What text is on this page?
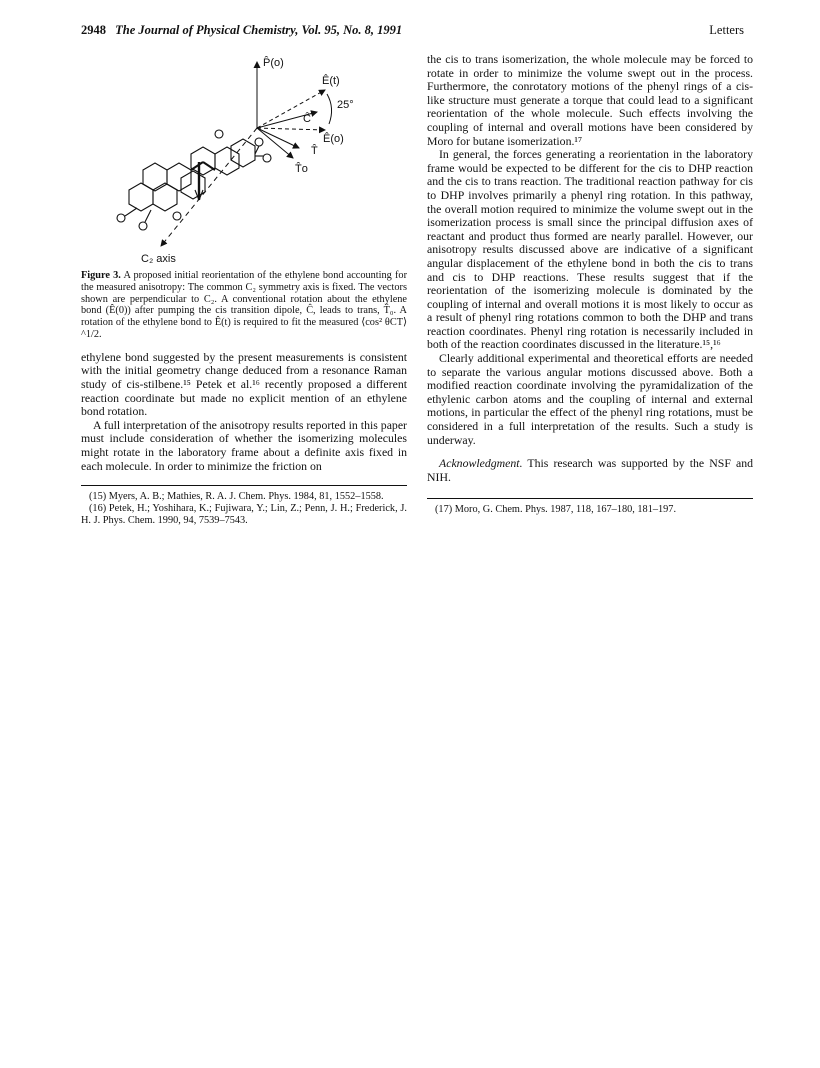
2948 The Journal of Physical Chemistry, Vol. 95, No. 8, 1991	Letters
P̂(o)
Ê(t)
25°
Ĉ
T̂
Ê(o)
T̂o
C₂ axis
Figure 3. A proposed initial reorientation of the ethylene bond accounting for the measured anisotropy: The common C₂ symmetry axis is fixed. The vectors shown are perpendicular to C₂. A conventional rotation about the ethylene bond (Ê(0)) after pumping the cis transition dipole, Ĉ, leads to trans, T̂₀. A rotation of the ethylene bond to Ê(t) is required to fit the measured ⟨cos² θCT⟩^1/2.

ethylene bond suggested by the present measurements is consistent with the initial geometry change deduced from a resonance Raman study of cis-stilbene.¹⁵ Petek et al.¹⁶ recently proposed a different reaction coordinate but made no explicit mention of an ethylene bond rotation.

A full interpretation of the anisotropy results reported in this paper must include consideration of whether the isomerizing molecules might rotate in the laboratory frame about a definite axis fixed in each molecule. In order to minimize the friction on

(15) Myers, A. B.; Mathies, R. A. J. Chem. Phys. 1984, 81, 1552–1558.
(16) Petek, H.; Yoshihara, K.; Fujiwara, Y.; Lin, Z.; Penn, J. H.; Frederick, J. H. J. Phys. Chem. 1990, 94, 7539–7543.

the cis to trans isomerization, the whole molecule may be forced to rotate in order to minimize the volume swept out in the process. Furthermore, the conrotatory motions of the phenyl rings of a cis-like structure must generate a torque that could lead to a significant reorientation of the whole molecule. Such effects involving the coupling of internal and overall motions have been considered by Moro for butane isomerization.¹⁷

In general, the forces generating a reorientation in the laboratory frame would be expected to be different for the cis to DHP reaction and the cis to trans reaction. The traditional reaction pathway for cis to DHP involves primarily a phenyl ring rotation. In this pathway, the overall motion required to minimize the volume swept out in the isomerization process is small since the principal diffusion axes of reactant and product thus formed are nearly parallel. However, our anisotropy results discussed above are indicative of a significant angular displacement of the ethylene bond in both the cis to trans and cis to DHP reactions. These results suggest that if the reorientation of the isomerizing molecule is dominated by the coupling of internal and overall motions it is most likely to occur as a result of phenyl ring rotations common to both the DHP and trans reaction coordinates. Phenyl ring rotation is necessarily included in both of the reaction coordinates discussed in the literature.¹⁵,¹⁶

Clearly additional experimental and theoretical efforts are needed to separate the various angular motions discussed above. Both a modified reaction coordinate involving the pyramidalization of the ethylenic carbon atoms and the coupling of internal and external motions, in particular the effect of the phenyl ring rotations, must be considered in a full interpretation of the results. Such a study is underway.

Acknowledgment. This research was supported by the NSF and NIH.

(17) Moro, G. Chem. Phys. 1987, 118, 167–180, 181–197.
